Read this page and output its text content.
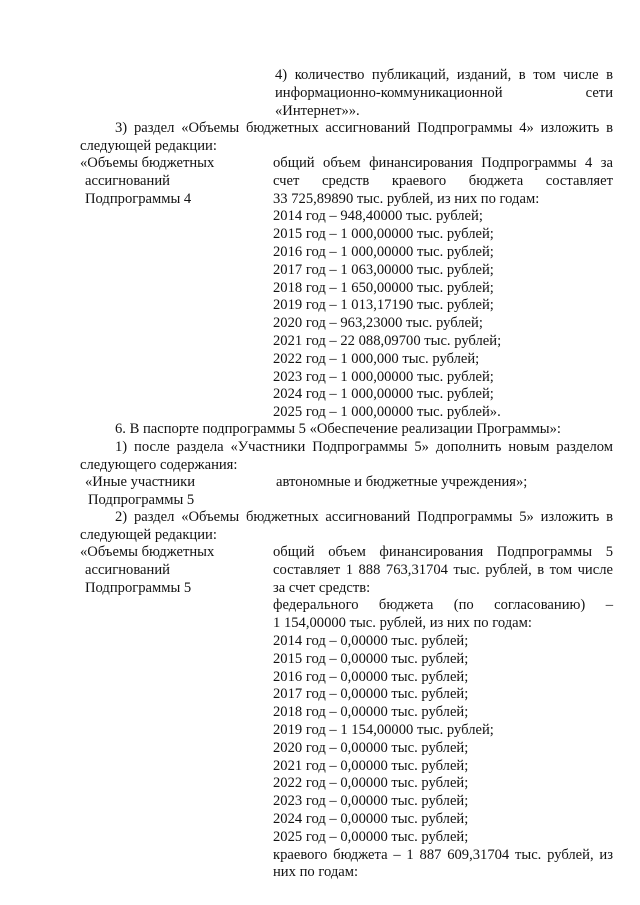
4) количество публикаций, изданий, в том числе в
информационно-коммуникационной сети
«Интернет»».
3) раздел «Объемы бюджетных ассигнований Подпрограммы 4» изложить в
следующей редакции:
«Объемы бюджетных
ассигнований
Подпрограммы 4
общий объем финансирования Подпрограммы 4 за
счет средств краевого бюджета составляет
33 725,89890 тыс. рублей, из них по годам:
2014 год – 948,40000 тыс. рублей;
2015 год – 1 000,00000 тыс. рублей;
2016 год – 1 000,00000 тыс. рублей;
2017 год – 1 063,00000 тыс. рублей;
2018 год – 1 650,00000 тыс. рублей;
2019 год – 1 013,17190 тыс. рублей;
2020 год – 963,23000 тыс. рублей;
2021 год – 22 088,09700 тыс. рублей;
2022 год – 1 000,000 тыс. рублей;
2023 год – 1 000,00000 тыс. рублей;
2024 год – 1 000,00000 тыс. рублей;
2025 год – 1 000,00000 тыс. рублей».
6. В паспорте подпрограммы 5 «Обеспечение реализации Программы»:
1) после раздела «Участники Подпрограммы 5» дополнить новым разделом
следующего содержания:
«Иные участники
Подпрограммы 5
автономные и бюджетные учреждения»;
2) раздел «Объемы бюджетных ассигнований Подпрограммы 5» изложить в
следующей редакции:
«Объемы бюджетных
ассигнований
Подпрограммы 5
общий объем финансирования Подпрограммы 5
составляет 1 888 763,31704 тыс. рублей, в том числе
за счет средств:
федерального бюджета (по согласованию) –
1 154,00000 тыс. рублей, из них по годам:
2014 год – 0,00000 тыс. рублей;
2015 год – 0,00000 тыс. рублей;
2016 год – 0,00000 тыс. рублей;
2017 год – 0,00000 тыс. рублей;
2018 год – 0,00000 тыс. рублей;
2019 год – 1 154,00000 тыс. рублей;
2020 год – 0,00000 тыс. рублей;
2021 год – 0,00000 тыс. рублей;
2022 год – 0,00000 тыс. рублей;
2023 год – 0,00000 тыс. рублей;
2024 год – 0,00000 тыс. рублей;
2025 год – 0,00000 тыс. рублей;
краевого бюджета – 1 887 609,31704 тыс. рублей, из
них по годам:
